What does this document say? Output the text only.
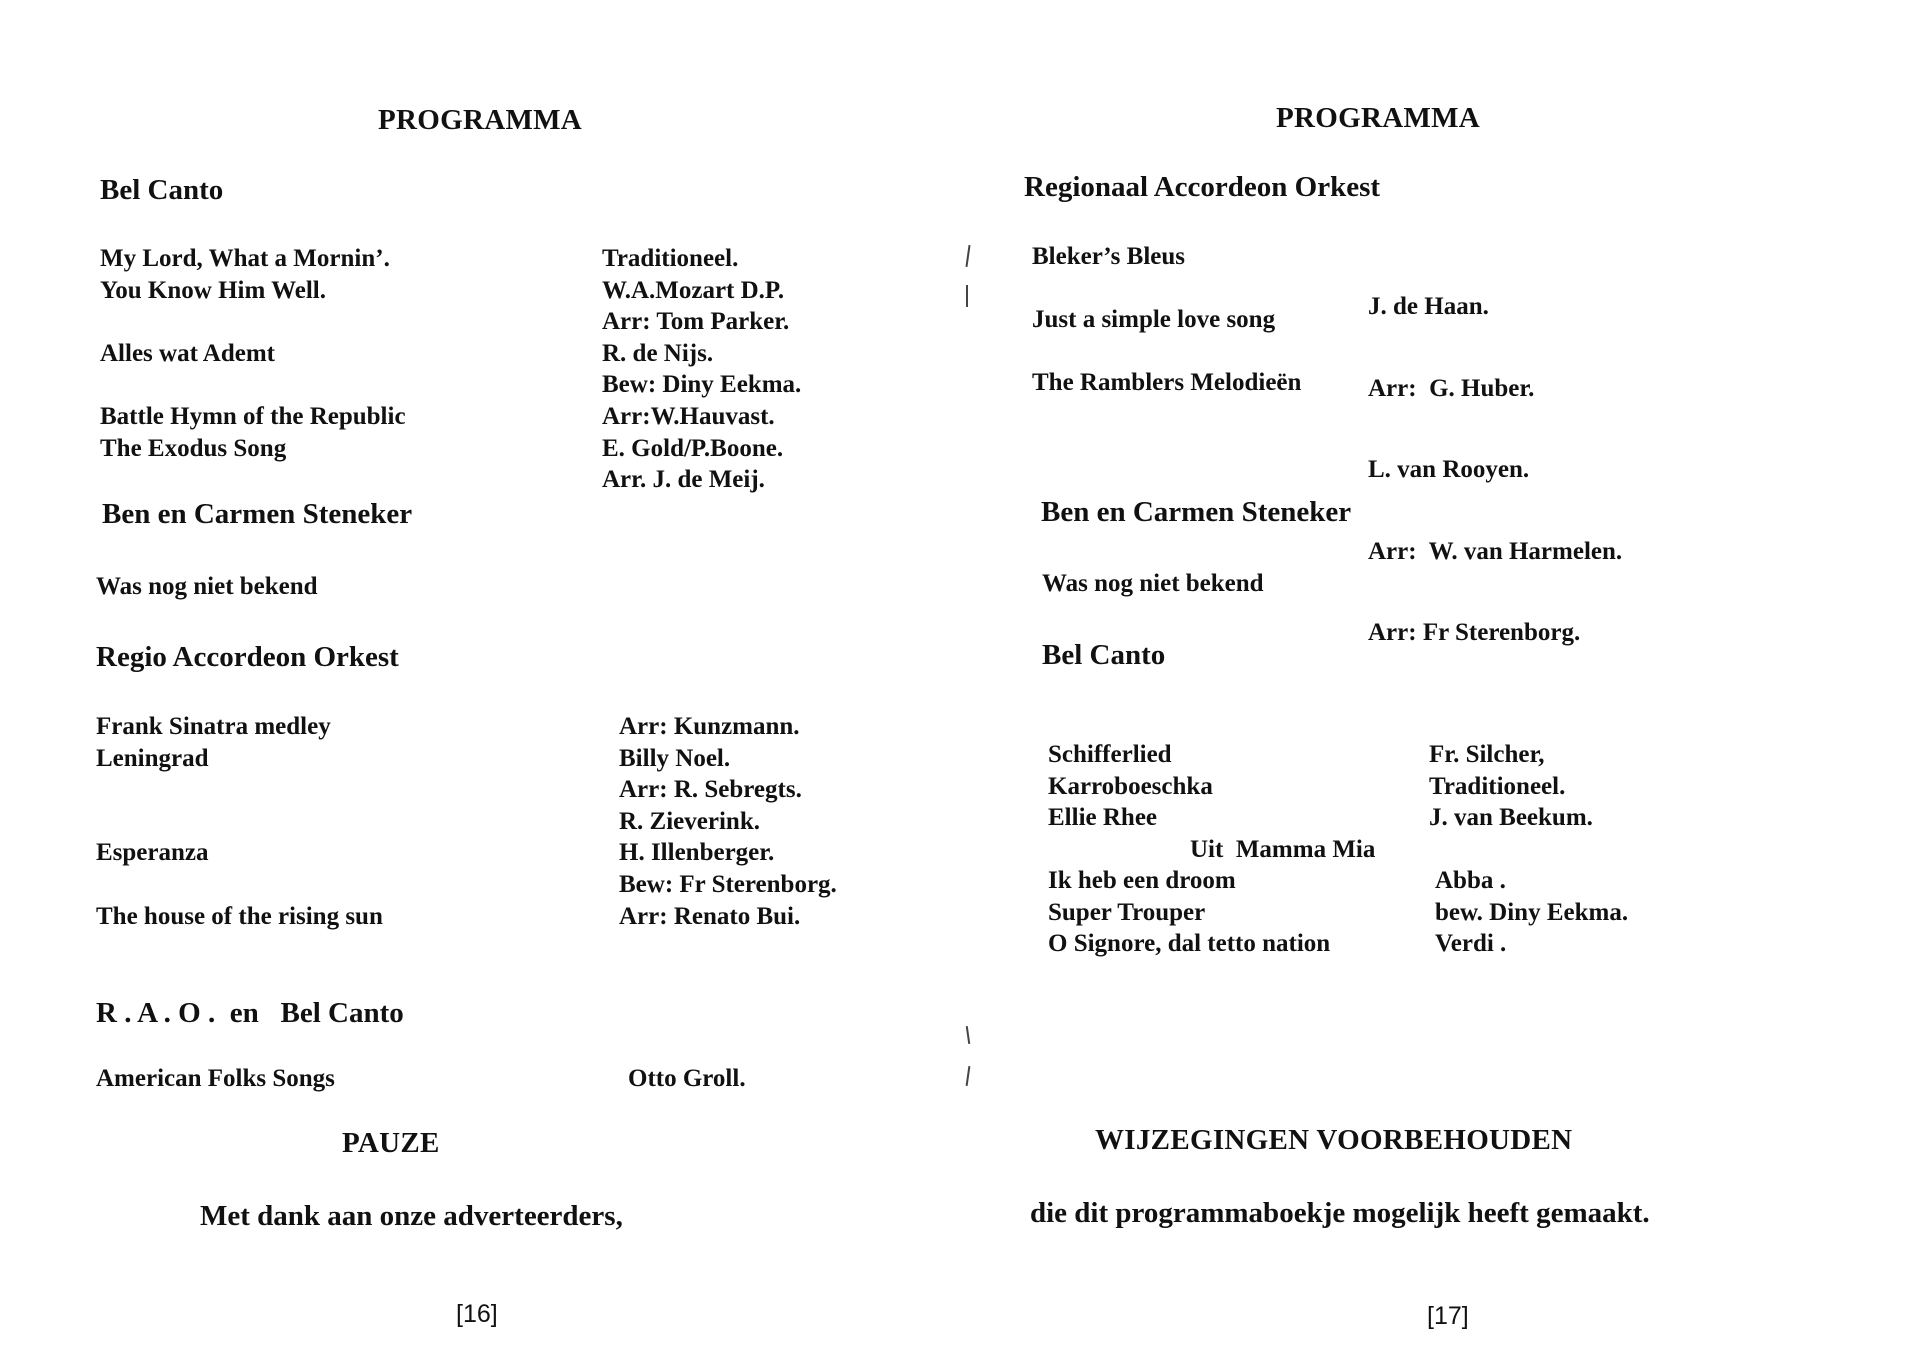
PROGRAMMA
Bel Canto
My Lord, What a Mornin’.
You Know Him Well.
Alles wat Ademt
Battle Hymn of the Republic
The Exodus Song
Traditioneel.
W.A.Mozart D.P.
Arr: Tom Parker.
R. de Nijs.
Bew: Diny Eekma.
Arr:W.Hauvast.
E. Gold/P.Boone.
Arr. J. de Meij.
Ben en Carmen Steneker
Was nog niet bekend
Regio Accordeon Orkest
Frank Sinatra medley
Leningrad
Esperanza
The house of the rising sun
Arr: Kunzmann.
Billy Noel.
Arr: R. Sebregts.
R. Zieverink.
H. Illenberger.
Bew: Fr Sterenborg.
Arr: Renato Bui.
R . A . O .  en   Bel Canto
American Folks Songs	Otto Groll.
PAUZE
Met dank aan onze adverteerders,
[16]
PROGRAMMA
Regionaal Accordeon Orkest
Bleker’s Bleus
Just a simple love song
The Ramblers Melodieën

J. de Haan.

Arr:  G. Huber.

L. van Rooyen.

Arr:  W. van Harmelen.

Arr: Fr Sterenborg.

Ben en Carmen Steneker
Was nog niet bekend
Bel Canto
Schifferlied
Karroboeschka
Ellie Rhee
Fr. Silcher,
Traditioneel.
J. van Beekum.
Uit  Mamma Mia
Ik heb een droom
Super Trouper
O Signore, dal tetto nation
Abba .
bew. Diny Eekma.
Verdi .
WIJZEGINGEN VOORBEHOUDEN
die dit programmaboekje mogelijk heeft gemaakt.
[17]
